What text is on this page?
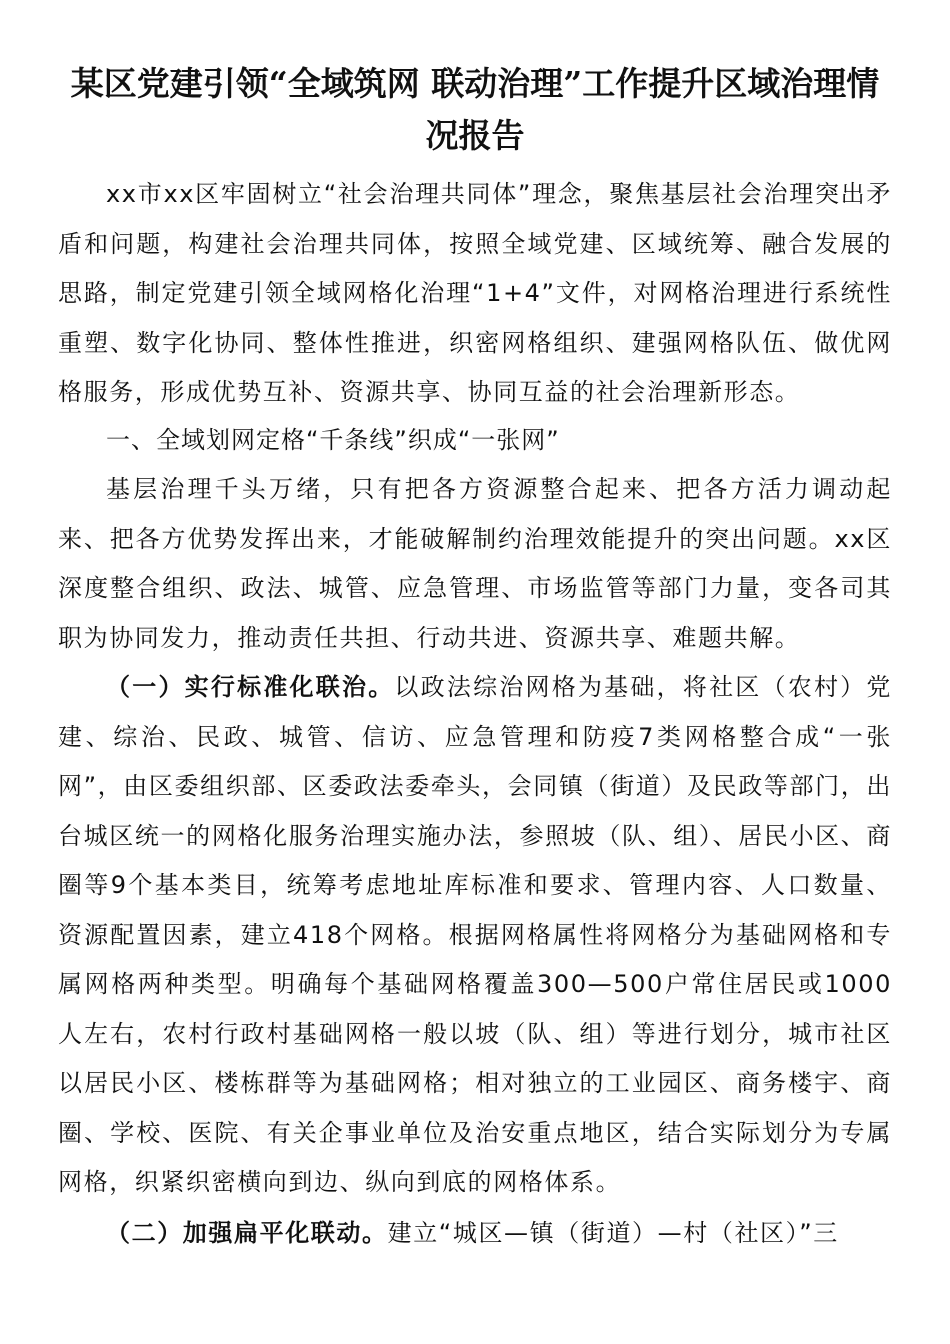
某区党建引领“全域筑网 联动治理”工作提升区域治理情况报告

xx市xx区牢固树立“社会治理共同体”理念，聚焦基层社会治理突出矛盾和问题，构建社会治理共同体，按照全域党建、区域统筹、融合发展的思路，制定党建引领全域网格化治理“1+4”文件，对网格治理进行系统性重塑、数字化协同、整体性推进，织密网格组织、建强网格队伍、做优网格服务，形成优势互补、资源共享、协同互益的社会治理新形态。

一、全域划网定格“千条线”织成“一张网”

基层治理千头万绪，只有把各方资源整合起来、把各方活力调动起来、把各方优势发挥出来，才能破解制约治理效能提升的突出问题。xx区深度整合组织、政法、城管、应急管理、市场监管等部门力量，变各司其职为协同发力，推动责任共担、行动共进、资源共享、难题共解。

（一）实行标准化联治。以政法综治网格为基础，将社区（农村）党建、综治、民政、城管、信访、应急管理和防疫7类网格整合成“一张网”，由区委组织部、区委政法委牵头，会同镇（街道）及民政等部门，出台城区统一的网格化服务治理实施办法，参照坡（队、组）、居民小区、商圈等9个基本类目，统筹考虑地址库标准和要求、管理内容、人口数量、资源配置因素，建立418个网格。根据网格属性将网格分为基础网格和专属网格两种类型。明确每个基础网格覆盖300—500户常住居民或1000人左右，农村行政村基础网格一般以坡（队、组）等进行划分，城市社区以居民小区、楼栋群等为基础网格；相对独立的工业园区、商务楼宇、商圈、学校、医院、有关企事业单位及治安重点地区，结合实际划分为专属网格，织紧织密横向到边、纵向到底的网格体系。

（二）加强扁平化联动。建立“城区—镇（街道）—村（社区）”三
